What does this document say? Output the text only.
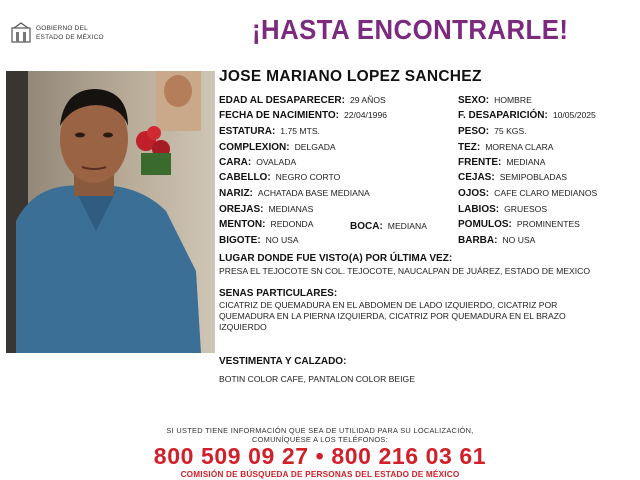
GOBIERNO DEL
ESTADO DE MÉXICO	¡HASTA ENCONTRARLE!
JOSE MARIANO LOPEZ SANCHEZ
EDAD AL DESAPARECER: 29 AÑOS
FECHA DE NACIMIENTO: 22/04/1996
ESTATURA: 1.75 MTS.
COMPLEXION: DELGADA
CARA: OVALADA
CABELLO: NEGRO CORTO
NARIZ: ACHATADA BASE MEDIANA
OREJAS: MEDIANAS
MENTON: REDONDA	BOCA: MEDIANA
BIGOTE: NO USA
SEXO: HOMBRE
F. DESAPARICIÓN: 10/05/2025
PESO: 75 KGS.
TEZ: MORENA CLARA
FRENTE: MEDIANA
CEJAS: SEMIPOBLADAS
OJOS: CAFE CLARO MEDIANOS
LABIOS: GRUESOS
POMULOS: PROMINENTES
BARBA: NO USA
LUGAR DONDE FUE VISTO(A) POR ÚLTIMA VEZ:
PRESA EL TEJOCOTE SN COL. TEJOCOTE, NAUCALPAN DE JUÁREZ, ESTADO DE MEXICO
SENAS PARTICULARES:
CICATRIZ DE QUEMADURA EN EL ABDOMEN DE LADO IZQUIERDO, CICATRIZ POR QUEMADURA EN LA PIERNA IZQUIERDA, CICATRIZ POR QUEMADURA EN EL BRAZO IZQUIERDO
VESTIMENTA Y CALZADO:
BOTIN COLOR CAFE, PANTALON COLOR BEIGE
SI USTED TIENE INFORMACIÓN QUE SEA DE UTILIDAD PARA SU LOCALIZACIÓN,
COMUNÍQUESE A LOS TELÉFONOS:
800 509 09 27 • 800 216 03 61
COMISIÓN DE BÚSQUEDA DE PERSONAS DEL ESTADO DE MÉXICO
